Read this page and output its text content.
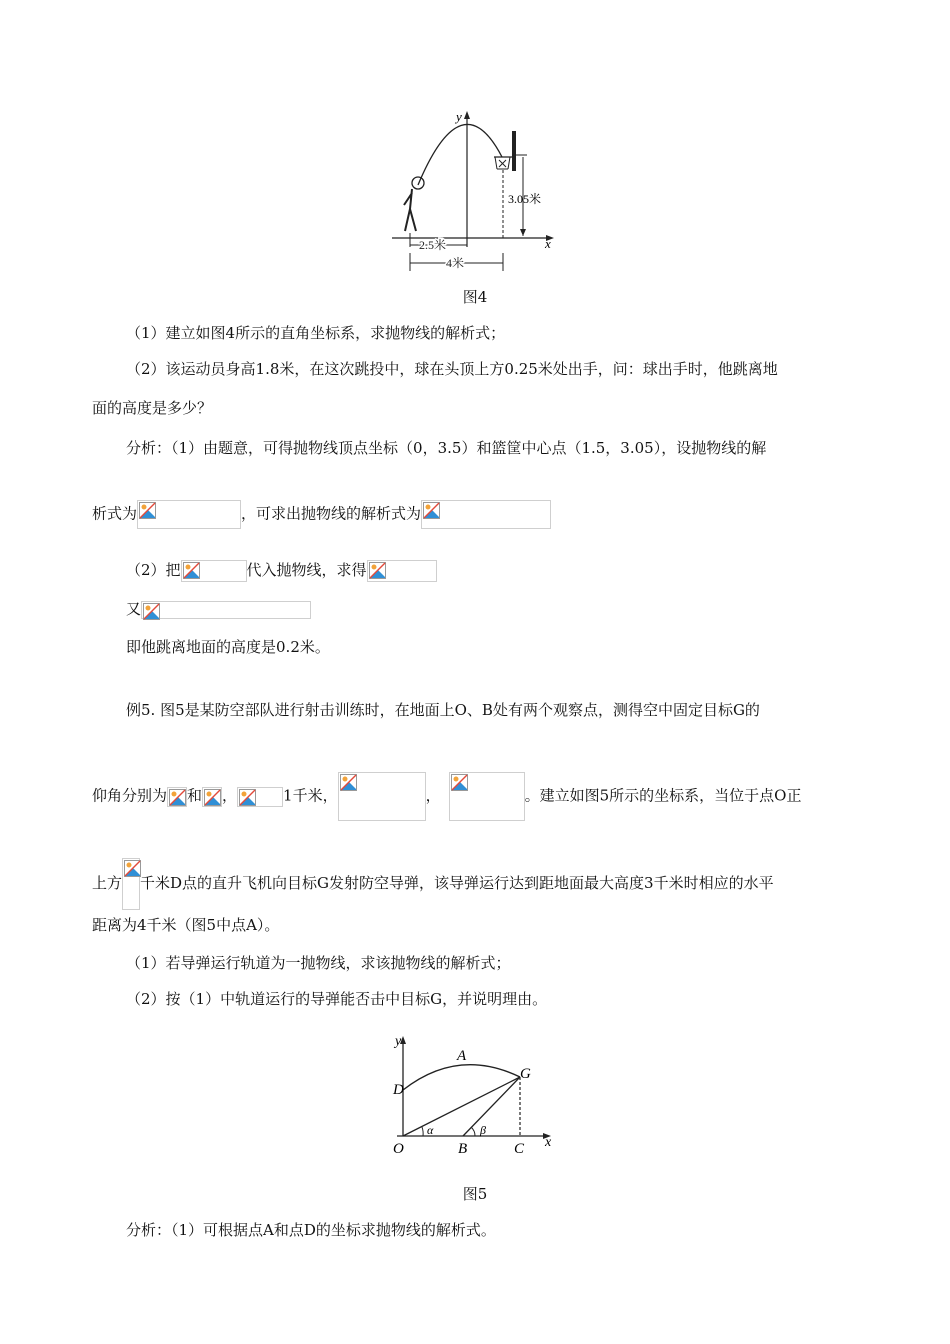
y
x
3.05米
2.5米
4米
图4
（1）建立如图4所示的直角坐标系，求抛物线的解析式；
（2）该运动员身高1.8米，在这次跳投中，球在头顶上方0.25米处出手，问：球出手时，他跳离地
面的高度是多少？
分析：（1）由题意，可得抛物线顶点坐标（0，3.5）和篮筐中心点（1.5，3.05），设抛物线的解
析式为	，可求出抛物线的解析式为
（2）把	代入抛物线，求得
又
即他跳离地面的高度是0.2米。
例5. 图5是某防空部队进行射击训练时，在地面上O、B处有两个观察点，测得空中固定目标G的
仰角分别为 和 ，	1千米，	，	。建立如图5所示的坐标系，当位于点O正
上方 千米D点的直升飞机向目标G发射防空导弹，该导弹运行达到距地面最大高度3千米时相应的水平
距离为4千米（图5中点A）。
（1）若导弹运行轨道为一抛物线，求该抛物线的解析式；
（2）按（1）中轨道运行的导弹能否击中目标G，并说明理由。
y
x
A
G
D
α	β
O	B	C
图5
分析：（1）可根据点A和点D的坐标求抛物线的解析式。
